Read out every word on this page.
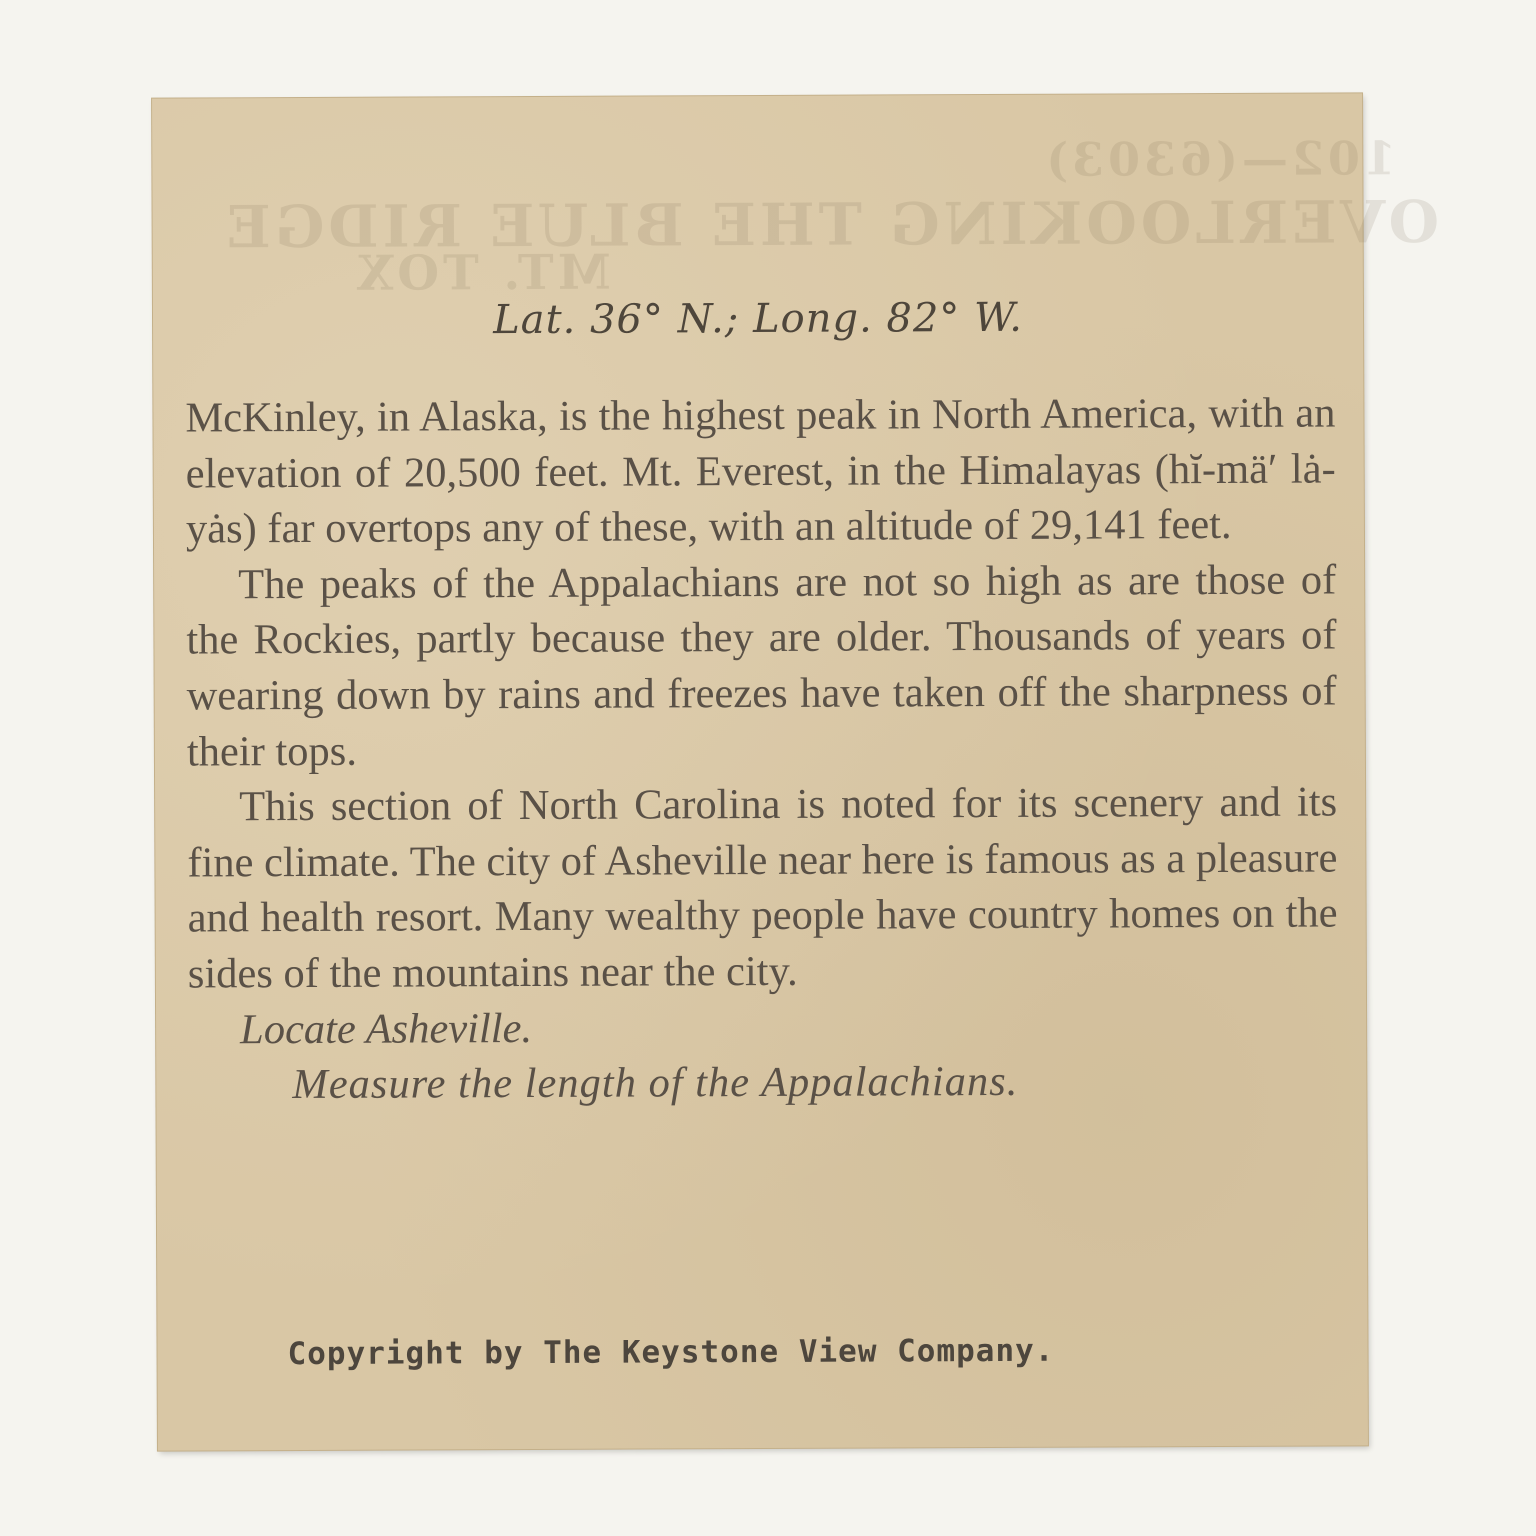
102—(6303)
OVERLOOKING THE BLUE RIDGE
MT. TOX
Lat. 36° N.; Long. 82° W.

McKinley, in Alaska, is the highest peak in North America, with an elevation of 20,500 feet. Mt. Everest, in the Himalayas (hĭ-mä′ lȧ-yȧs) far overtops any of these, with an altitude of 29,141 feet.

The peaks of the Appalachians are not so high as are those of the Rockies, partly because they are older. Thousands of years of wearing down by rains and freezes have taken off the sharpness of their tops.

This section of North Carolina is noted for its scenery and its fine climate. The city of Asheville near here is famous as a pleasure and health resort. Many wealthy people have country homes on the sides of the mountains near the city.
Locate Asheville.
Measure the length of the Appalachians.

Copyright by The Keystone View Company.
